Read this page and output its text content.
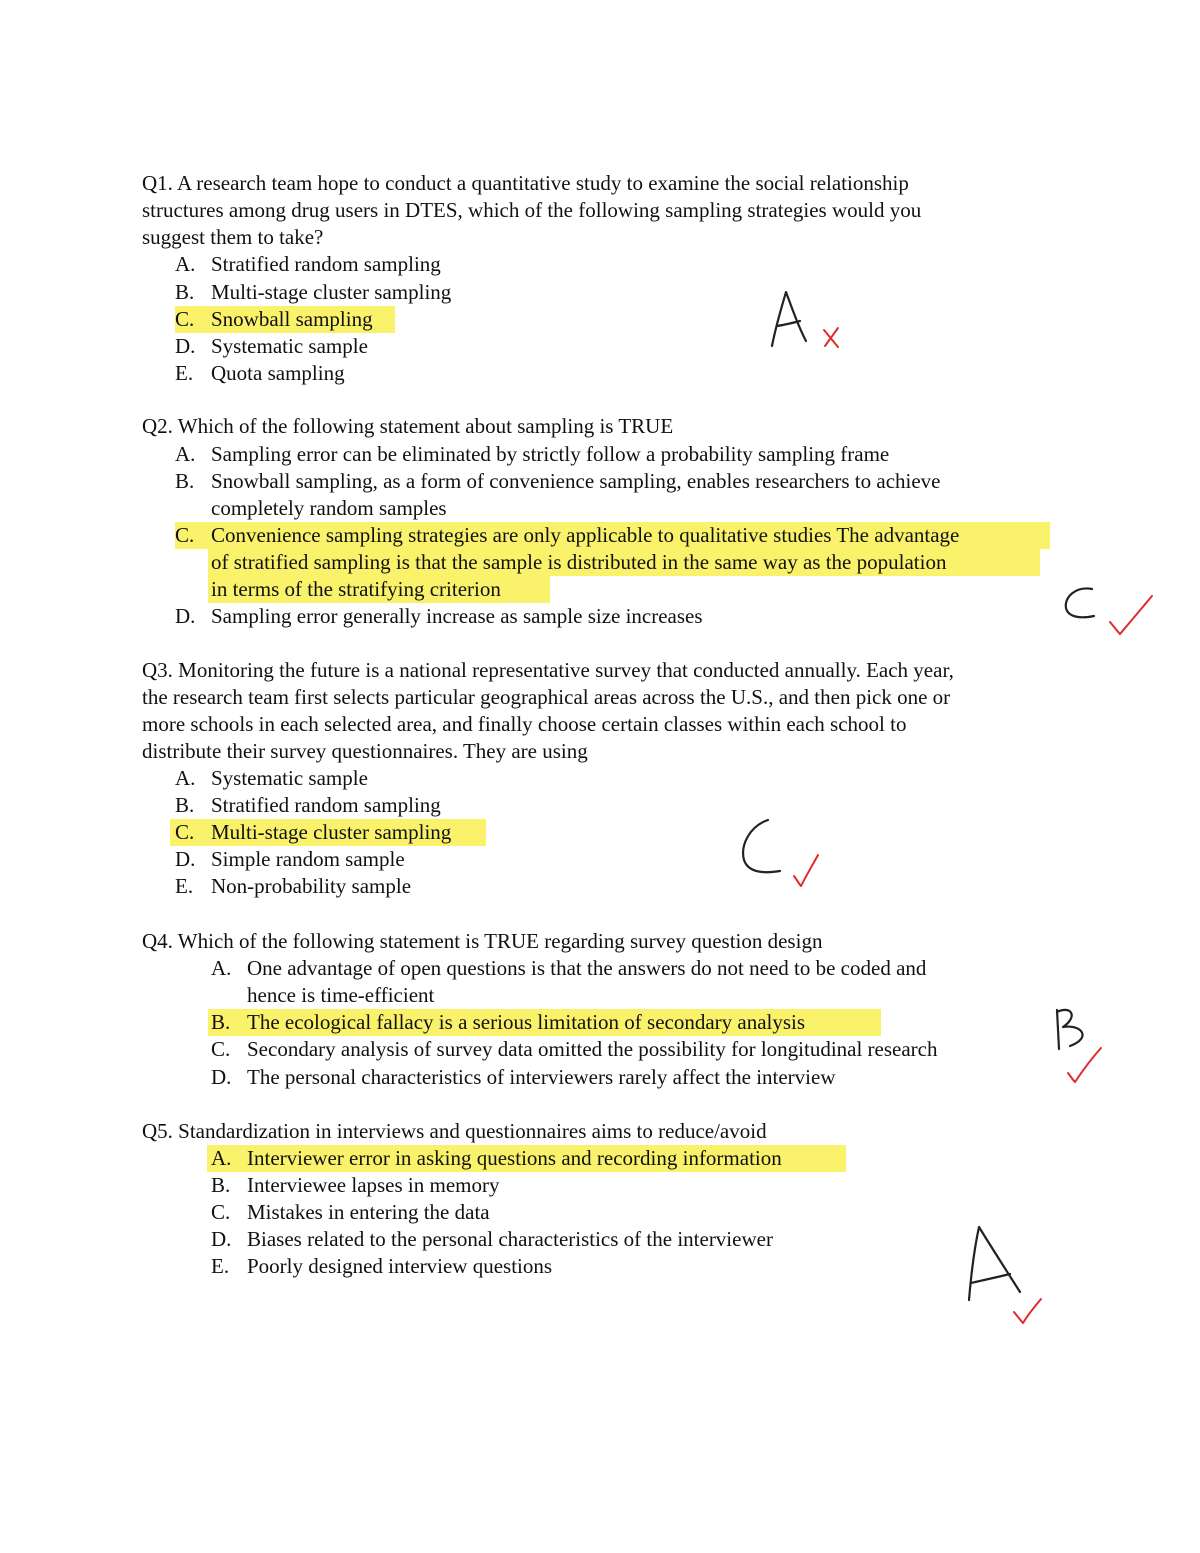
Q1. A research team hope to conduct a quantitative study to examine the social relationship
structures among drug users in DTES, which of the following sampling strategies would you
suggest them to take?
A. Stratified random sampling
B. Multi-stage cluster sampling
C. Snowball sampling
D. Systematic sample
E. Quota sampling
Q2. Which of the following statement about sampling is TRUE
A. Sampling error can be eliminated by strictly follow a probability sampling frame
B. Snowball sampling, as a form of convenience sampling, enables researchers to achieve
completely random samples
C. Convenience sampling strategies are only applicable to qualitative studies The advantage
of stratified sampling is that the sample is distributed in the same way as the population
in terms of the stratifying criterion
D. Sampling error generally increase as sample size increases
Q3. Monitoring the future is a national representative survey that conducted annually. Each year,
the research team first selects particular geographical areas across the U.S., and then pick one or
more schools in each selected area, and finally choose certain classes within each school to
distribute their survey questionnaires. They are using
A. Systematic sample
B. Stratified random sampling
C. Multi-stage cluster sampling
D. Simple random sample
E. Non-probability sample
Q4. Which of the following statement is TRUE regarding survey question design
A. One advantage of open questions is that the answers do not need to be coded and
hence is time-efficient
B. The ecological fallacy is a serious limitation of secondary analysis
C. Secondary analysis of survey data omitted the possibility for longitudinal research
D. The personal characteristics of interviewers rarely affect the interview
Q5. Standardization in interviews and questionnaires aims to reduce/avoid
A. Interviewer error in asking questions and recording information
B. Interviewee lapses in memory
C. Mistakes in entering the data
D. Biases related to the personal characteristics of the interviewer
E. Poorly designed interview questions
